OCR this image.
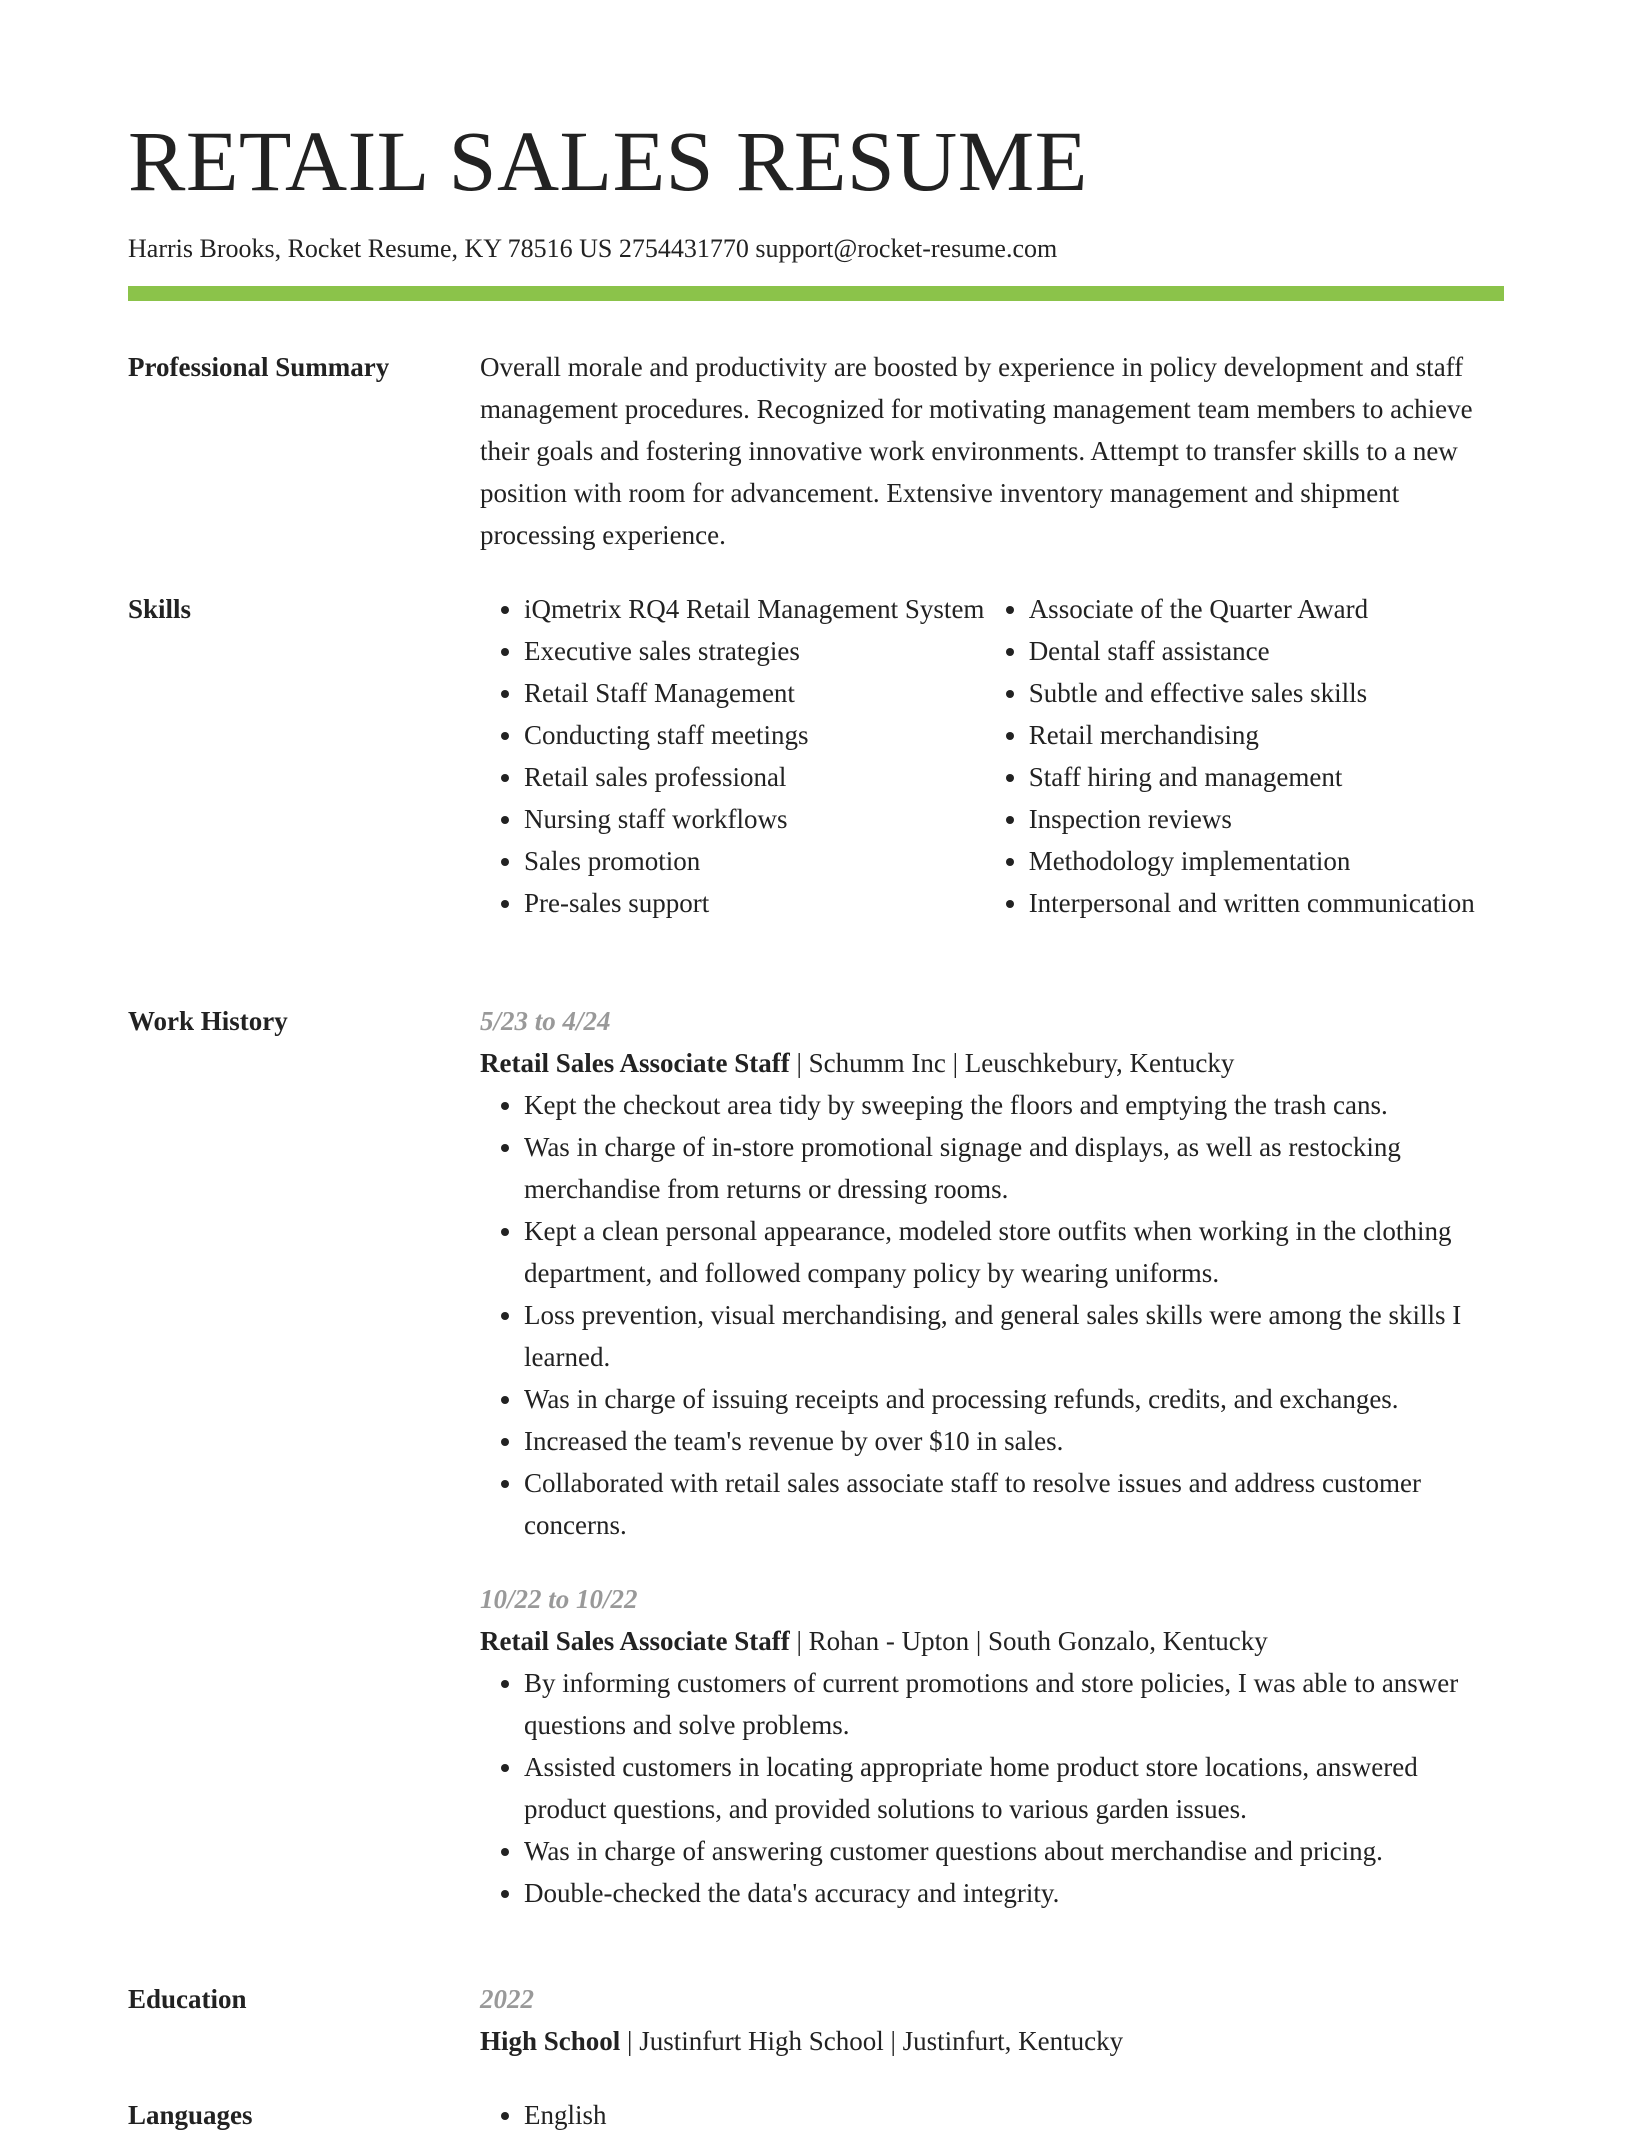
RETAIL SALES RESUME
Harris Brooks, Rocket Resume, KY 78516 US 2754431770 support@rocket-resume.com
Professional Summary	Overall morale and productivity are boosted by experience in policy development and staff management procedures. Recognized for motivating management team members to achieve their goals and fostering innovative work environments. Attempt to transfer skills to a new position with room for advancement. Extensive inventory management and shipment processing experience.

Skills	• iQmetrix RQ4 Retail Management System
• Executive sales strategies
• Retail Staff Management
• Conducting staff meetings
• Retail sales professional
• Nursing staff workflows
• Sales promotion
• Pre-sales support
• Associate of the Quarter Award
• Dental staff assistance
• Subtle and effective sales skills
• Retail merchandising
• Staff hiring and management
• Inspection reviews
• Methodology implementation
• Interpersonal and written communication
Work History	5/23 to 4/24

Retail Sales Associate Staff | Schumm Inc | Leuschkebury, Kentucky

• Kept the checkout area tidy by sweeping the floors and emptying the trash cans.
• Was in charge of in-store promotional signage and displays, as well as restocking merchandise from returns or dressing rooms.
• Kept a clean personal appearance, modeled store outfits when working in the clothing department, and followed company policy by wearing uniforms.
• Loss prevention, visual merchandising, and general sales skills were among the skills I learned.
• Was in charge of issuing receipts and processing refunds, credits, and exchanges.
• Increased the team's revenue by over $10 in sales.
• Collaborated with retail sales associate staff to resolve issues and address customer concerns.

10/22 to 10/22

Retail Sales Associate Staff | Rohan - Upton | South Gonzalo, Kentucky

• By informing customers of current promotions and store policies, I was able to answer questions and solve problems.
• Assisted customers in locating appropriate home product store locations, answered product questions, and provided solutions to various garden issues.
• Was in charge of answering customer questions about merchandise and pricing.
• Double-checked the data's accuracy and integrity.
Education	2022

High School | Justinfurt High School | Justinfurt, Kentucky

Languages	• English
